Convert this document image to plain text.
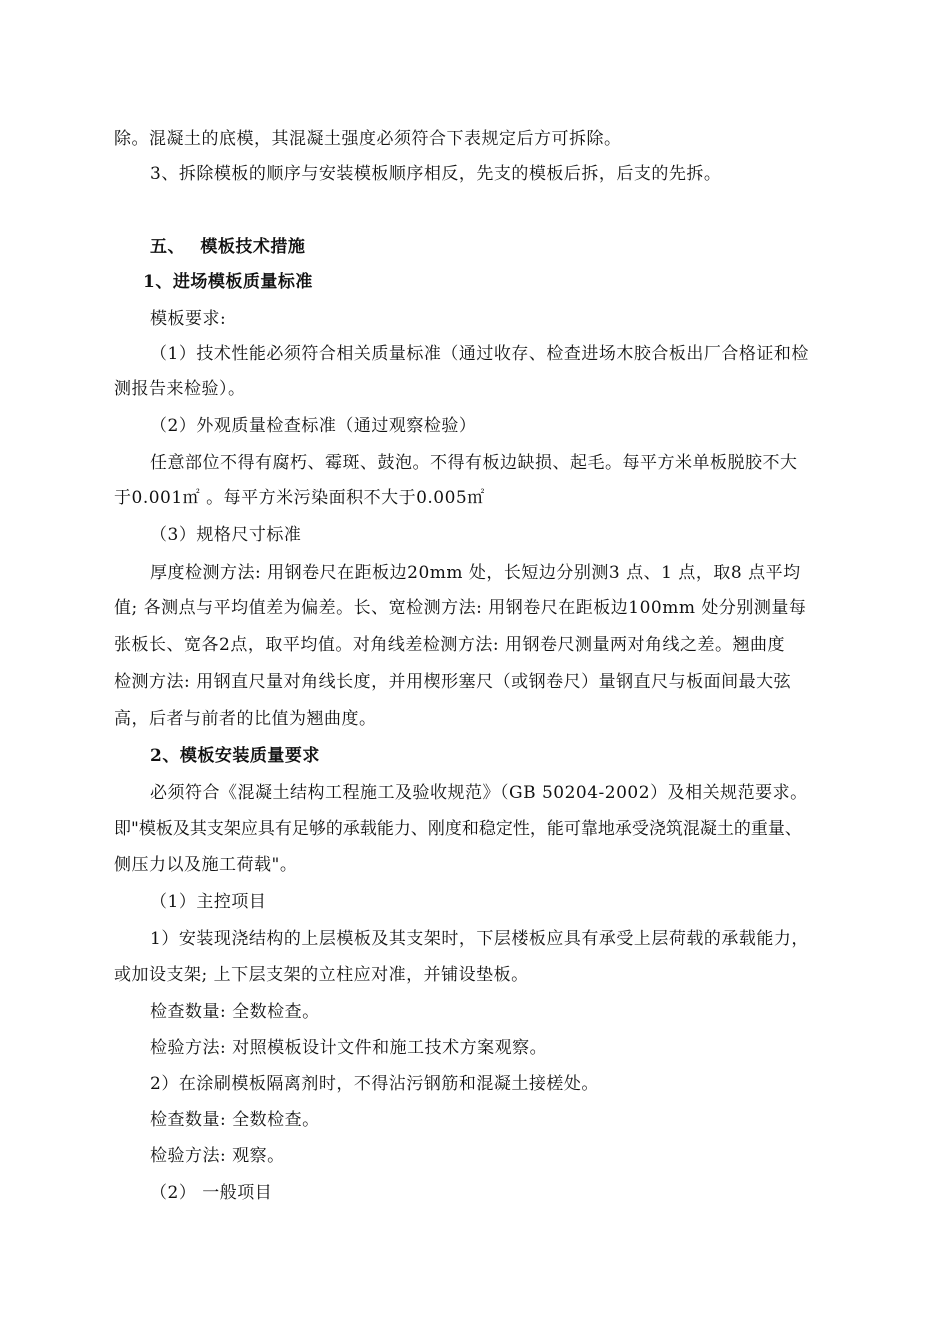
除。混凝土的底模，其混凝土强度必须符合下表规定后方可拆除。
3、拆除模板的顺序与安装模板顺序相反，先支的模板后拆，后支的先拆。
五、　 模板技术措施
1、进场模板质量标准
模板要求:
（1）技术性能必须符合相关质量标准（通过收存、检查进场木胶合板出厂合格证和检
测报告来检验）。
（2）外观质量检查标准（通过观察检验）
任意部位不得有腐朽、霉斑、鼓泡。不得有板边缺损、起毛。每平方米单板脱胶不大
于0.001㎡ 。每平方米污染面积不大于0.005㎡
（3）规格尺寸标准
厚度检测方法: 用钢卷尺在距板边20mm 处，长短边分别测3 点、1 点，取8 点平均
值; 各测点与平均值差为偏差。长、宽检测方法: 用钢卷尺在距板边100mm 处分别测量每
张板长、宽各2点，取平均值。对角线差检测方法: 用钢卷尺测量两对角线之差。翘曲度
检测方法: 用钢直尺量对角线长度，并用楔形塞尺（或钢卷尺）量钢直尺与板面间最大弦
高，后者与前者的比值为翘曲度。
2、模板安装质量要求
必须符合《混凝土结构工程施工及验收规范》（GB 50204-2002）及相关规范要求。
即"模板及其支架应具有足够的承载能力、刚度和稳定性，能可靠地承受浇筑混凝土的重量、
侧压力以及施工荷载"。
（1）主控项目
1）安装现浇结构的上层模板及其支架时，下层楼板应具有承受上层荷载的承载能力，
或加设支架; 上下层支架的立柱应对准，并铺设垫板。
检查数量: 全数检查。
检验方法: 对照模板设计文件和施工技术方案观察。
2）在涂刷模板隔离剂时，不得沾污钢筋和混凝土接槎处。
检查数量: 全数检查。
检验方法: 观察。
（2） 一般项目
